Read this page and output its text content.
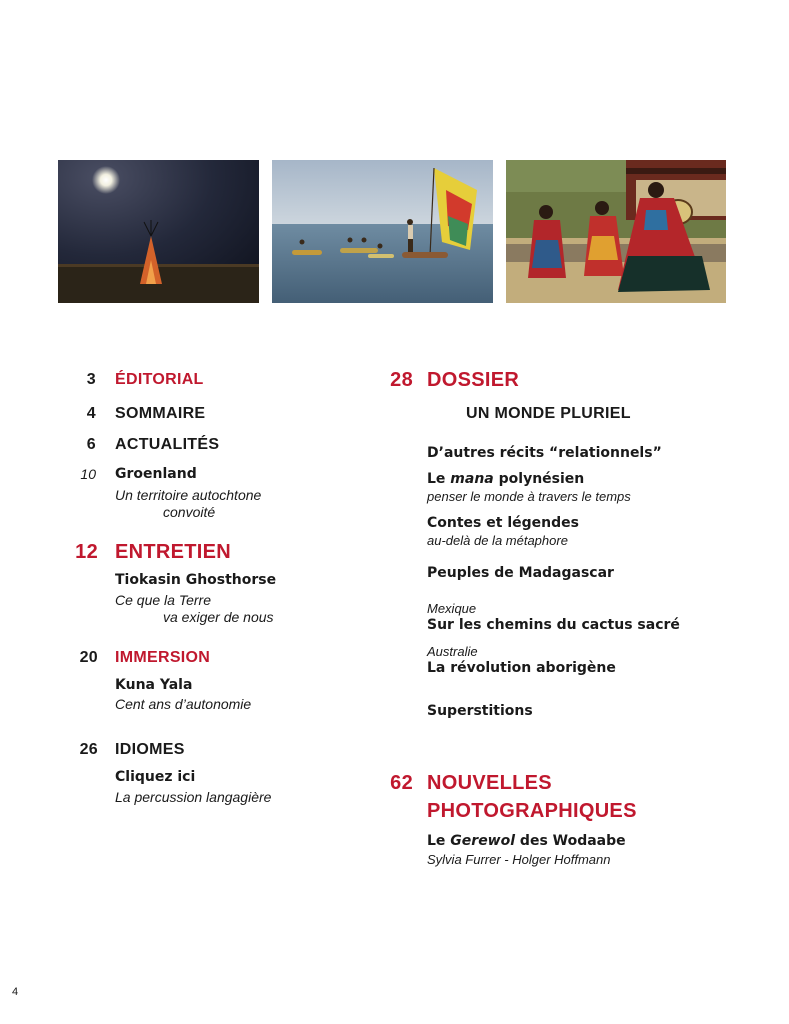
3 ÉDITORIAL
4 SOMMAIRE
6 ACTUALITÉS
10 Groenland
Un territoire autochtone
convoité
12 ENTRETIEN
Tiokasin Ghosthorse
Ce que la Terre
va exiger de nous
20 IMMERSION
Kuna Yala
Cent ans d’autonomie
26 IDIOMES
Cliquez ici
La percussion langagière
28 DOSSIER
UN MONDE PLURIEL
D’autres récits “relationnels”
Le mana polynésien
penser le monde à travers le temps
Contes et légendes
au-delà de la métaphore
Peuples de Madagascar
Mexique
Sur les chemins du cactus sacré
Australie
La révolution aborigène
Superstitions
62 NOUVELLES
PHOTOGRAPHIQUES
Le Gerewol des Wodaabe
Sylvia Furrer - Holger Hoffmann
4
